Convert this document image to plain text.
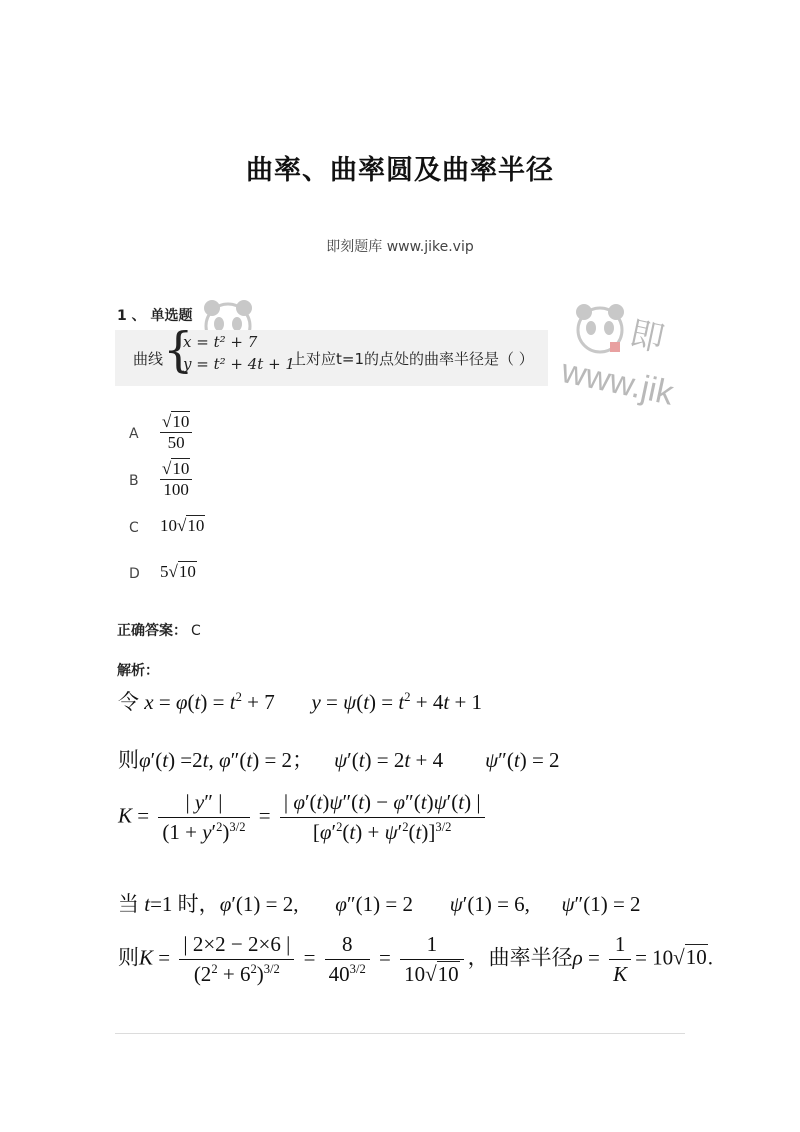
曲率、曲率圆及曲率半径
即刻题库 www.jike.vip
即
www.jik
1 、 单选题
曲线 {
x = t² + 7
y = t² + 4t + 1
上对应t=1的点处的曲率半径是（ ）
A $\frac{√10}{50}$
B $\frac{√10}{100}$
C 10√10
D 5√10
正确答案： C
解析：
令 $x = \varphi(t) = t^2 + 7$       $y = \psi(t) = t^2 + 4t + 1$
则φ′(t) =2t, φ″(t) = 2； ψ′(t) = 2t + 4        ψ″(t) = 2
$K = \frac{| y'' |}{(1 + y'^2)^{3/2}} = \frac{| \varphi'(t)\psi''(t) - \varphi''(t)\psi'(t) |}{[\varphi'^2(t) + \psi'^2(t)]^{3/2}}$
当 t=1 时，φ′(1) = 2,       φ″(1) = 2       ψ′(1) = 6,      ψ″(1) = 2
则$K = \frac{| 2\times 2 - 2\times 6 |}{(2^2 + 6^2)^{3/2}} = \frac{8}{40^{3/2}} = \frac{1}{10√10}$ ，曲率半径$\rho = \frac{1}{K} = 10√10$.
